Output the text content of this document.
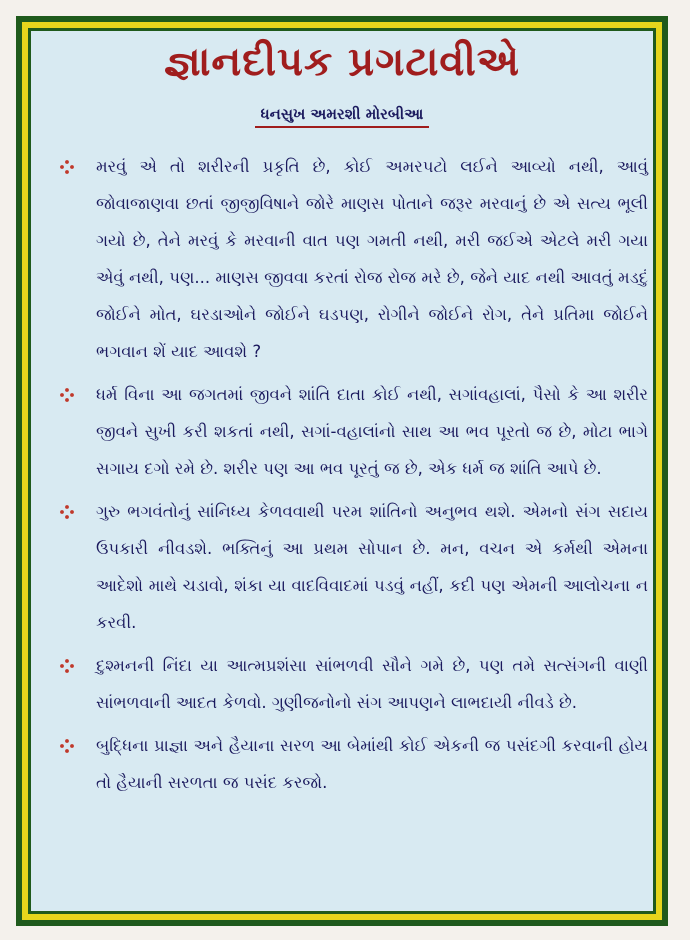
જ્ઞાનદીપક પ્રગટાવીએ
ધનસુખ અમરશી મોરબીઆ
મરવું એ તો શરીરની પ્રકૃતિ છે, કોઈ અમરપટો લઈને આવ્યો નથી, આવું જોવાજાણવા છતાં જીજીવિષાને જોરે માણસ પોતાને જરૂર મરવાનું છે એ સત્ય ભૂલી ગયો છે, તેને મરવું કે મરવાની વાત પણ ગમતી નથી, મરી જઈએ એટલે મરી ગયા એવું નથી, પણ... માણસ જીવવા કરતાં રોજ રોજ મરે છે, જેને યાદ નથી આવતું મડદું જોઈને મોત, ઘરડાઓને જોઈને ઘડપણ, રોગીને જોઈને રોગ, તેને પ્રતિમા જોઈને ભગવાન શેં યાદ આવશે ?
ધર્મ વિના આ જગતમાં જીવને શાંતિ દાતા કોઈ નથી, સગાંવહાલાં, પૈસો કે આ શરીર જીવને સુખી કરી શકતાં નથી, સગાં-વહાલાંનો સાથ આ ભવ પૂરતો જ છે, મોટા ભાગે સગાય દગો રમે છે. શરીર પણ આ ભવ પૂરતું જ છે, એક ધર્મ જ શાંતિ આપે છે.
ગુરુ ભગવંતોનું સાંનિધ્ય કેળવવાથી પરમ શાંતિનો અનુભવ થશે. એમનો સંગ સદાય ઉપકારી નીવડશે. ભક્તિનું આ પ્રથમ સોપાન છે. મન, વચન એ કર્મથી એમના આદેશો માથે ચડાવો, શંકા યા વાદવિવાદમાં પડવું નહીં, કદી પણ એમની આલોચના ન કરવી.
દુશ્મનની નિંદા યા આત્મપ્રશંસા સાંભળવી સૌને ગમે છે, પણ તમે સત્સંગની વાણી સાંભળવાની આદત કેળવો. ગુણીજનોનો સંગ આપણને લાભદાયી નીવડે છે.
બુદ્ધિના પ્રાજ્ઞા અને હૈયાના સરળ આ બેમાંથી કોઈ એકની જ પસંદગી કરવાની હોય તો હૈયાની સરળતા જ પસંદ કરજો.
